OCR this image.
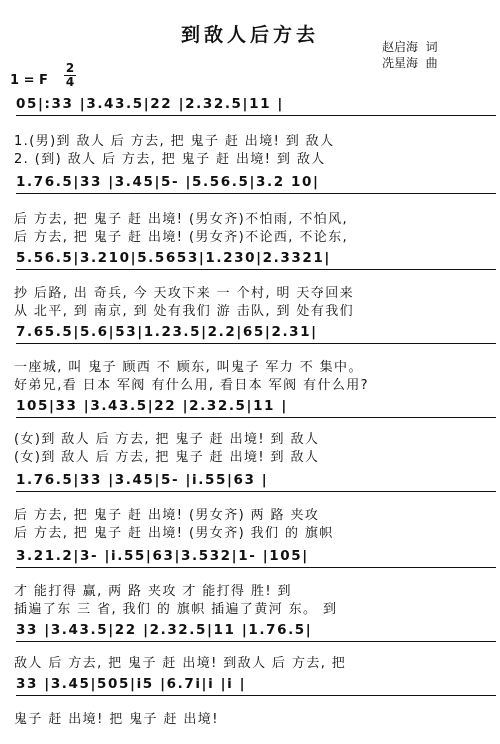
到敌人后方去
赵启海  词
冼星海  曲
1 = F $\frac{2}{4}$
05|:33 |3.43.5|22 |2.32.5|11 |
1.(男)到 敌人 后 方去, 把 鬼子 赶 出境! 到 敌人
2. (到) 敌人 后 方去, 把 鬼子 赶 出境! 到 敌人
1.76.5|33 |3.45|5- |5.56.5|3.2 10|
后 方去, 把 鬼子 赶 出境! (男女齐)不怕雨, 不怕风,
后 方去, 把 鬼子 赶 出境! (男女齐)不论西, 不论东,
5.56.5|3.210|5.5653|1.230|2.3321|
抄 后路, 出 奇兵, 今 天攻下来 一 个村, 明 天夺回来
从 北平, 到 南京, 到 处有我们 游 击队, 到 处有我们
7.65.5|5.6|53|1.23.5|2.2|65|2.31|
一座城, 叫 鬼子 顾西 不 顾东, 叫鬼子 军力 不 集中。
好弟兄,看 日本 军阀 有什么用, 看日本 军阀 有什么用?
105|33 |3.43.5|22 |2.32.5|11 |
(女)到 敌人 后 方去, 把 鬼子 赶 出境! 到 敌人
(女)到 敌人 后 方去, 把 鬼子 赶 出境! 到 敌人
1.76.5|33 |3.45|5- |i.55|63 |
后 方去, 把 鬼子 赶 出境! (男女齐) 两 路 夹攻
后 方去, 把 鬼子 赶 出境! (男女齐) 我们 的 旗帜
3.21.2|3- |i.55|63|3.532|1- |105|
才 能打得 赢, 两 路 夹攻 才 能打得 胜! 到
插遍了东 三 省, 我们 的 旗帜 插遍了黄河 东。 到
33 |3.43.5|22 |2.32.5|11 |1.76.5|
敌人 后 方去, 把 鬼子 赶 出境! 到敌人 后 方去, 把
33 |3.45|505|i5 |6.7i|i |i |
鬼子 赶 出境! 把 鬼子 赶 出境!
